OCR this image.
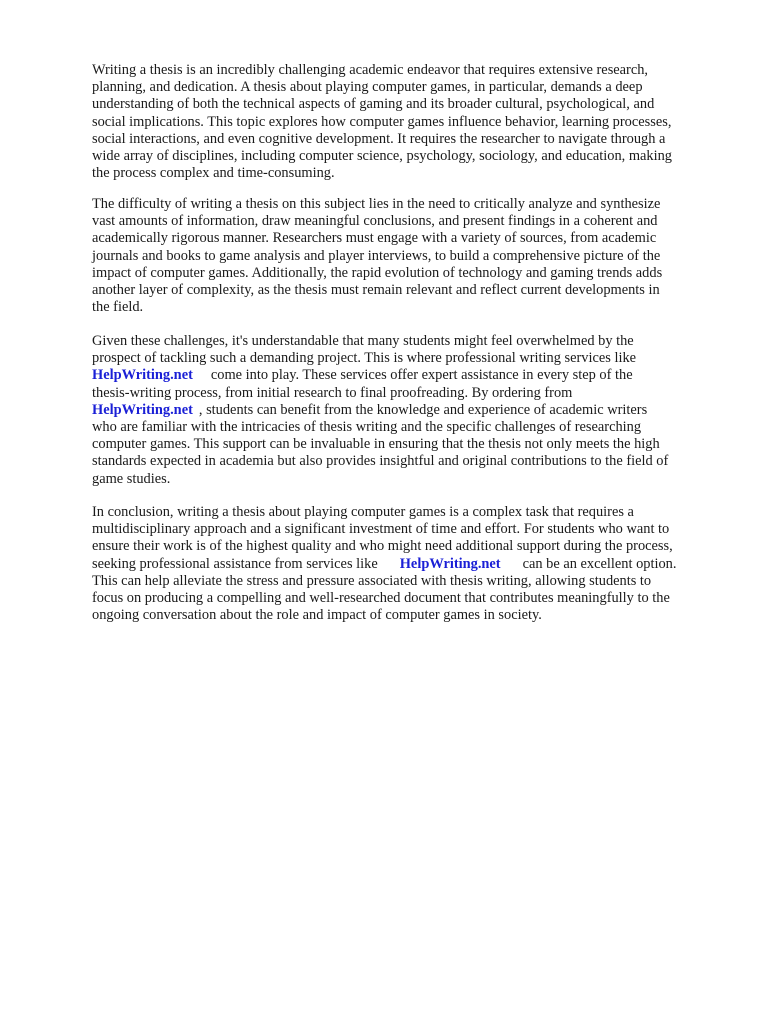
Writing a thesis is an incredibly challenging academic endeavor that requires extensive research,
planning, and dedication. A thesis about playing computer games, in particular, demands a deep
understanding of both the technical aspects of gaming and its broader cultural, psychological, and
social implications. This topic explores how computer games influence behavior, learning processes,
social interactions, and even cognitive development. It requires the researcher to navigate through a
wide array of disciplines, including computer science, psychology, sociology, and education, making
the process complex and time-consuming.

The difficulty of writing a thesis on this subject lies in the need to critically analyze and synthesize
vast amounts of information, draw meaningful conclusions, and present findings in a coherent and
academically rigorous manner. Researchers must engage with a variety of sources, from academic
journals and books to game analysis and player interviews, to build a comprehensive picture of the
impact of computer games. Additionally, the rapid evolution of technology and gaming trends adds
another layer of complexity, as the thesis must remain relevant and reflect current developments in
the field.

Given these challenges, it's understandable that many students might feel overwhelmed by the
prospect of tackling such a demanding project. This is where professional writing services like
HelpWriting.net come into play. These services offer expert assistance in every step of the
thesis-writing process, from initial research to final proofreading. By ordering from
HelpWriting.net , students can benefit from the knowledge and experience of academic writers
who are familiar with the intricacies of thesis writing and the specific challenges of researching
computer games. This support can be invaluable in ensuring that the thesis not only meets the high
standards expected in academia but also provides insightful and original contributions to the field of
game studies.

In conclusion, writing a thesis about playing computer games is a complex task that requires a
multidisciplinary approach and a significant investment of time and effort. For students who want to
ensure their work is of the highest quality and who might need additional support during the process,
seeking professional assistance from services like HelpWriting.net can be an excellent option.
This can help alleviate the stress and pressure associated with thesis writing, allowing students to
focus on producing a compelling and well-researched document that contributes meaningfully to the
ongoing conversation about the role and impact of computer games in society.
